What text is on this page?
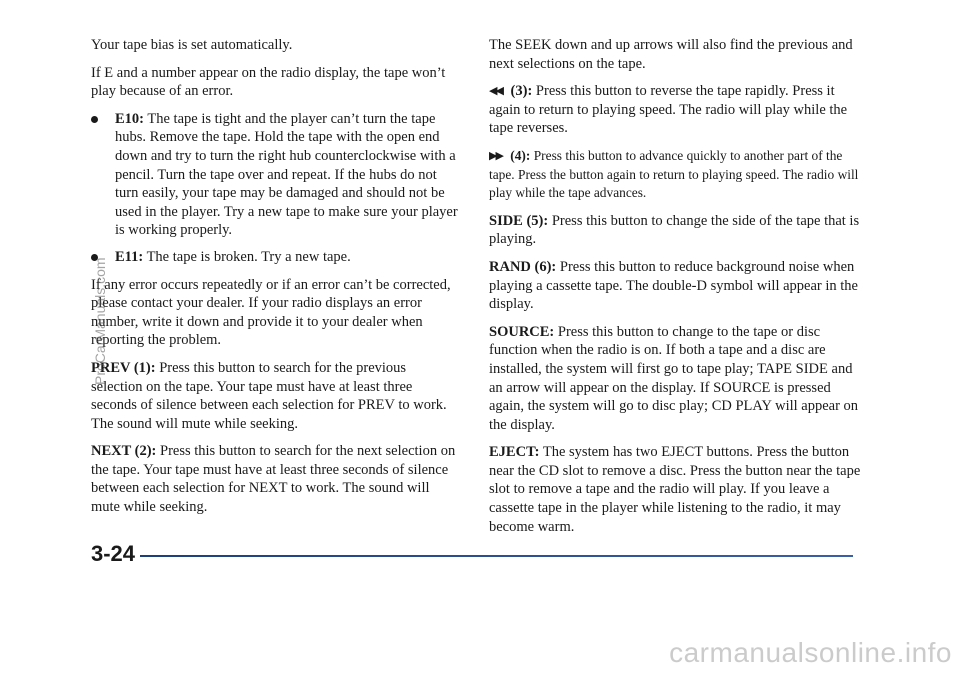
Your tape bias is set automatically.

If E and a number appear on the radio display, the tape won’t play because of an error.

E10: The tape is tight and the player can’t turn the tape hubs. Remove the tape. Hold the tape with the open end down and try to turn the right hub counterclockwise with a pencil. Turn the tape over and repeat. If the hubs do not turn easily, your tape may be damaged and should not be used in the player. Try a new tape to make sure your player is working properly.
E11: The tape is broken. Try a new tape.

If any error occurs repeatedly or if an error can’t be corrected, please contact your dealer. If your radio displays an error number, write it down and provide it to your dealer when reporting the problem.

PREV (1): Press this button to search for the previous selection on the tape. Your tape must have at least three seconds of silence between each selection for PREV to work. The sound will mute while seeking.

NEXT (2): Press this button to search for the next selection on the tape. Your tape must have at least three seconds of silence between each selection for NEXT to work. The sound will mute while seeking.

The SEEK down and up arrows will also find the previous and next selections on the tape.

◀◀ (3): Press this button to reverse the tape rapidly. Press it again to return to playing speed. The radio will play while the tape reverses.

▶▶ (4): Press this button to advance quickly to another part of the tape. Press the button again to return to playing speed. The radio will play while the tape advances.

SIDE (5): Press this button to change the side of the tape that is playing.

RAND (6): Press this button to reduce background noise when playing a cassette tape. The double-D symbol will appear in the display.

SOURCE: Press this button to change to the tape or disc function when the radio is on. If both a tape and a disc are installed, the system will first go to tape play; TAPE SIDE and an arrow will appear on the display. If SOURCE is pressed again, the system will go to disc play; CD PLAY will appear on the display.

EJECT: The system has two EJECT buttons. Press the button near the CD slot to remove a disc. Press the button near the tape slot to remove a tape and the radio will play. If you leave a cassette tape in the player while listening to the radio, it may become warm.

3-24
ProCarManuals.com
carmanualsonline.info
